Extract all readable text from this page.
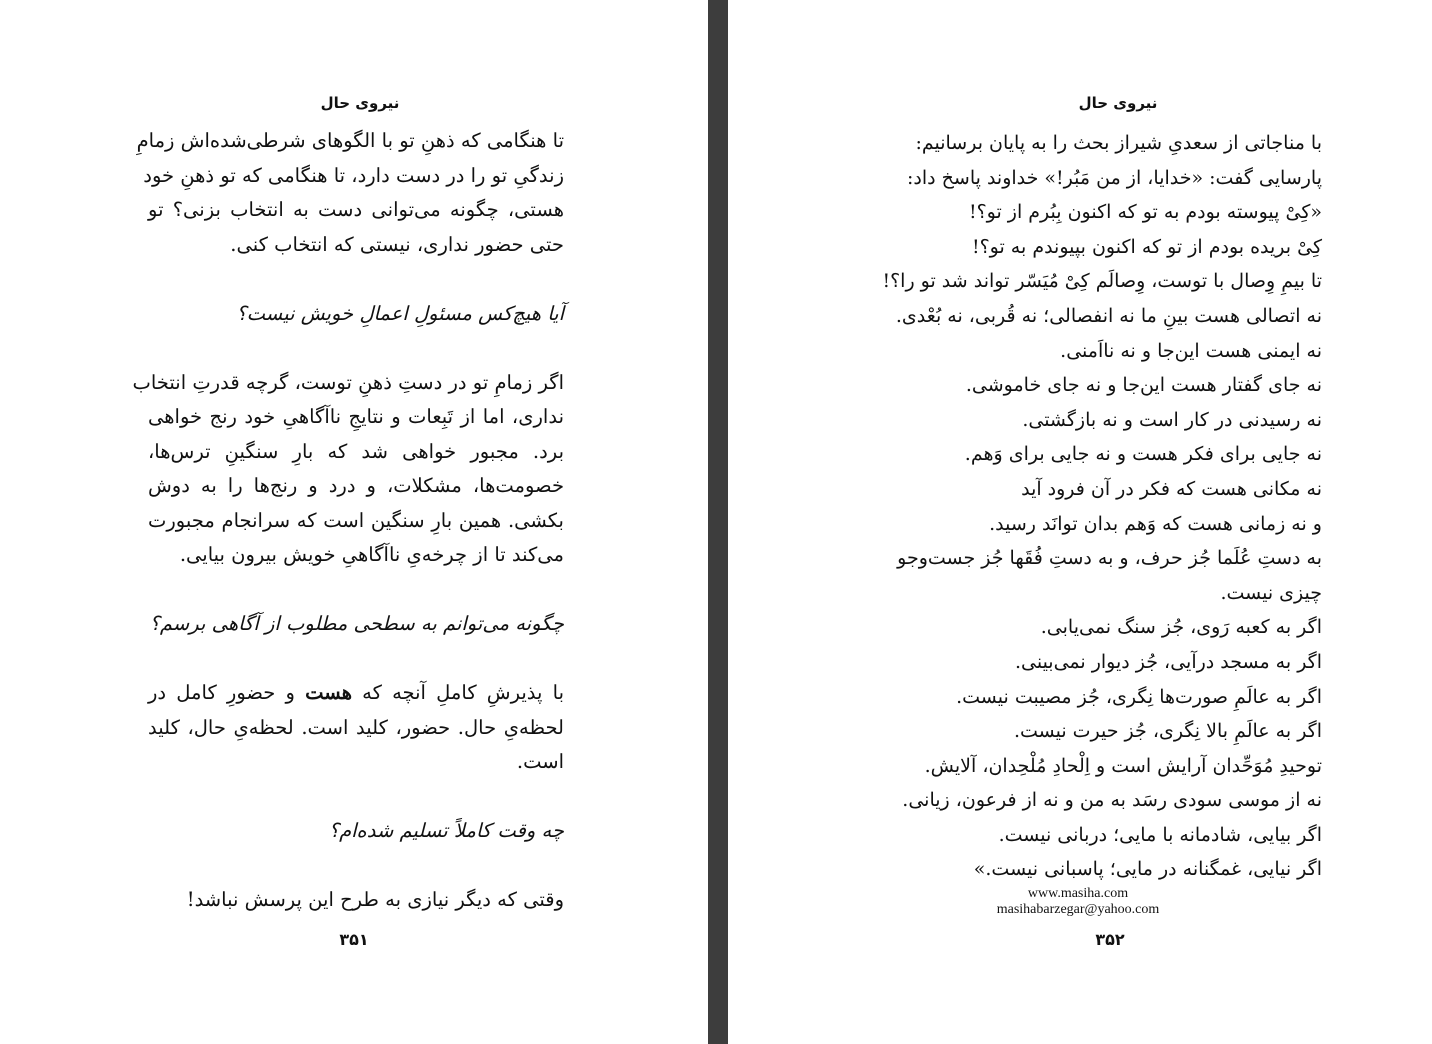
نیروی حال
تا هنگامی که ذهنِ تو با الگوهای شرطی‌شده‌اش زمامِ
زندگیِ تو را در دست دارد، تا هنگامی که تو ذهنِ خود
هستی، چگونه می‌توانی دست به انتخاب بزنی؟ تو
حتی حضور نداری، نیستی که انتخاب کنی.
آیا هیچ‌کس مسئولِ اعمالِ خویش نیست؟
اگر زمامِ تو در دستِ ذهنِ توست، گرچه قدرتِ انتخاب
نداری، اما از تَبِعات و نتایجِ ناآگاهیِ خود رنج خواهی
برد. مجبور خواهی شد که بارِ سنگینِ ترس‌ها،
خصومت‌ها، مشکلات، و درد و رنج‌ها را به دوش
بکشی. همین بارِ سنگین است که سرانجام مجبورت
می‌کند تا از چرخه‌یِ ناآگاهیِ خویش بیرون بیایی.
چگونه می‌توانم به سطحی مطلوب از آگاهی برسم؟
با پذیرشِ کاملِ آنچه که هست و حضورِ کامل در
لحظه‌یِ حال. حضور، کلید است. لحظه‌یِ حال، کلید
است.
چه وقت کاملاً تسلیم شده‌ام؟
وقتی که دیگر نیازی به طرح این پرسش نباشد!
۳۵۱
نیروی حال
با مناجاتی از سعدیِ شیراز بحث را به پایان برسانیم:
پارسایی گفت: «خدایا، از من مَبُر!» خداوند پاسخ داد:
«کِیْ پیوسته بودم به تو که اکنون بِبُرم از تو؟!
کِیْ بریده بودم از تو که اکنون بپیوندم به تو؟!
تا بیمِ وِصال با توست، وِصالَم کِیْ مُیَسّر تواند شد تو را؟!
نه اتصالی هست بینِ ما نه انفصالی؛ نه قُربی، نه بُعْدی.
نه ایمنی هست این‌جا و نه نااَمنی.
نه جای گفتار هست این‌جا و نه جای خاموشی.
نه رسیدنی در کار است و نه بازگشتی.
نه جایی برای فکر هست و نه جایی برای وَهم.
نه مکانی هست که فکر در آن فرود آید
و نه زمانی هست که وَهم بدان توانَد رسید.
به دستِ عُلَما جُز حرف، و به دستِ فُقَها جُز جست‌وجو
چیزی نیست.
اگر به کعبه رَوی، جُز سنگ نمی‌یابی.
اگر به مسجد درآیی، جُز دیوار نمی‌بینی.
اگر به عالَمِ صورت‌ها نِگری، جُز مصیبت نیست.
اگر به عالَمِ بالا نِگری، جُز حیرت نیست.
توحیدِ مُوَحِّدان آرایش است و اِلْحادِ مُلْحِدان، آلایش.
نه از موسی سودی رسَد به من و نه از فرعون، زیانی.
اگر بیایی، شادمانه با مایی؛ دربانی نیست.
اگر نیایی، غمگنانه در مایی؛ پاسبانی نیست.»
www.masiha.com
masihabarzegar@yahoo.com
۳۵۲
